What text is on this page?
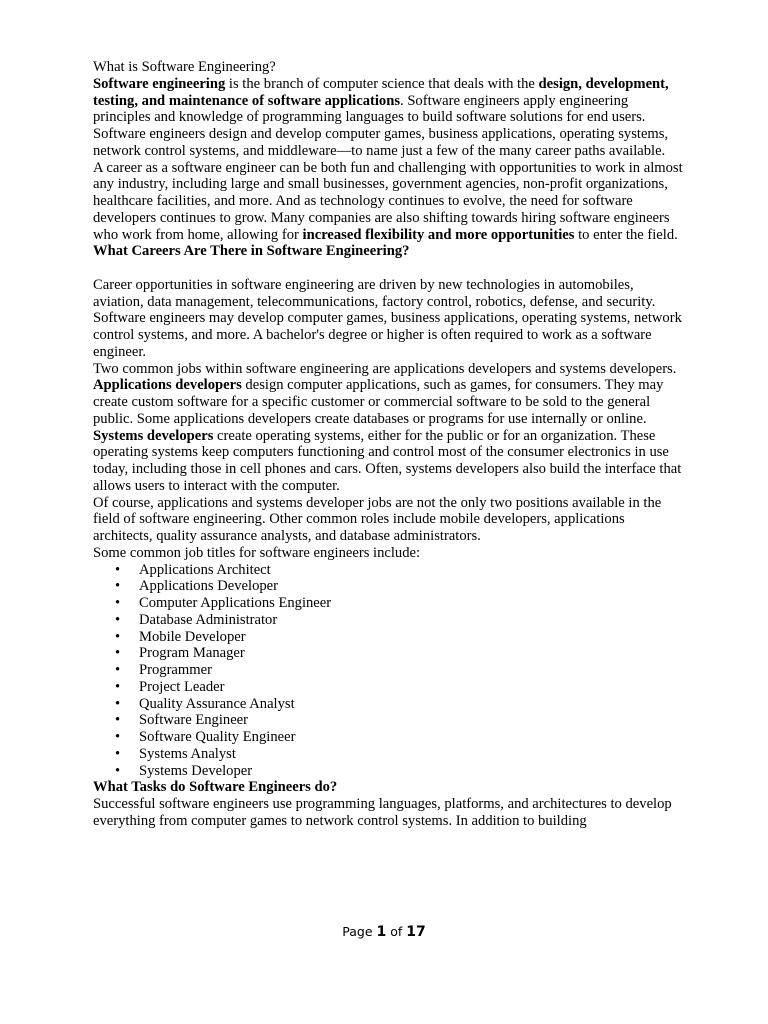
What is Software Engineering?

Software engineering is the branch of computer science that deals with the design, development, testing, and maintenance of software applications. Software engineers apply engineering principles and knowledge of programming languages to build software solutions for end users.

Software engineers design and develop computer games, business applications, operating systems, network control systems, and middleware—to name just a few of the many career paths available.

A career as a software engineer can be both fun and challenging with opportunities to work in almost any industry, including large and small businesses, government agencies, non-profit organizations, healthcare facilities, and more. And as technology continues to evolve, the need for software developers continues to grow. Many companies are also shifting towards hiring software engineers who work from home, allowing for increased flexibility and more opportunities to enter the field.

What Careers Are There in Software Engineering?

Career opportunities in software engineering are driven by new technologies in automobiles, aviation, data management, telecommunications, factory control, robotics, defense, and security. Software engineers may develop computer games, business applications, operating systems, network control systems, and more. A bachelor's degree or higher is often required to work as a software engineer.

Two common jobs within software engineering are applications developers and systems developers.

Applications developers design computer applications, such as games, for consumers. They may create custom software for a specific customer or commercial software to be sold to the general public. Some applications developers create databases or programs for use internally or online.

Systems developers create operating systems, either for the public or for an organization. These operating systems keep computers functioning and control most of the consumer electronics in use today, including those in cell phones and cars. Often, systems developers also build the interface that allows users to interact with the computer.

Of course, applications and systems developer jobs are not the only two positions available in the field of software engineering. Other common roles include mobile developers, applications architects, quality assurance analysts, and database administrators.

Some common job titles for software engineers include:

• Applications Architect
• Applications Developer
• Computer Applications Engineer
• Database Administrator
• Mobile Developer
• Program Manager
• Programmer
• Project Leader
• Quality Assurance Analyst
• Software Engineer
• Software Quality Engineer
• Systems Analyst
• Systems Developer

What Tasks do Software Engineers do?

Successful software engineers use programming languages, platforms, and architectures to develop everything from computer games to network control systems. In addition to building

Page 1 of 17
